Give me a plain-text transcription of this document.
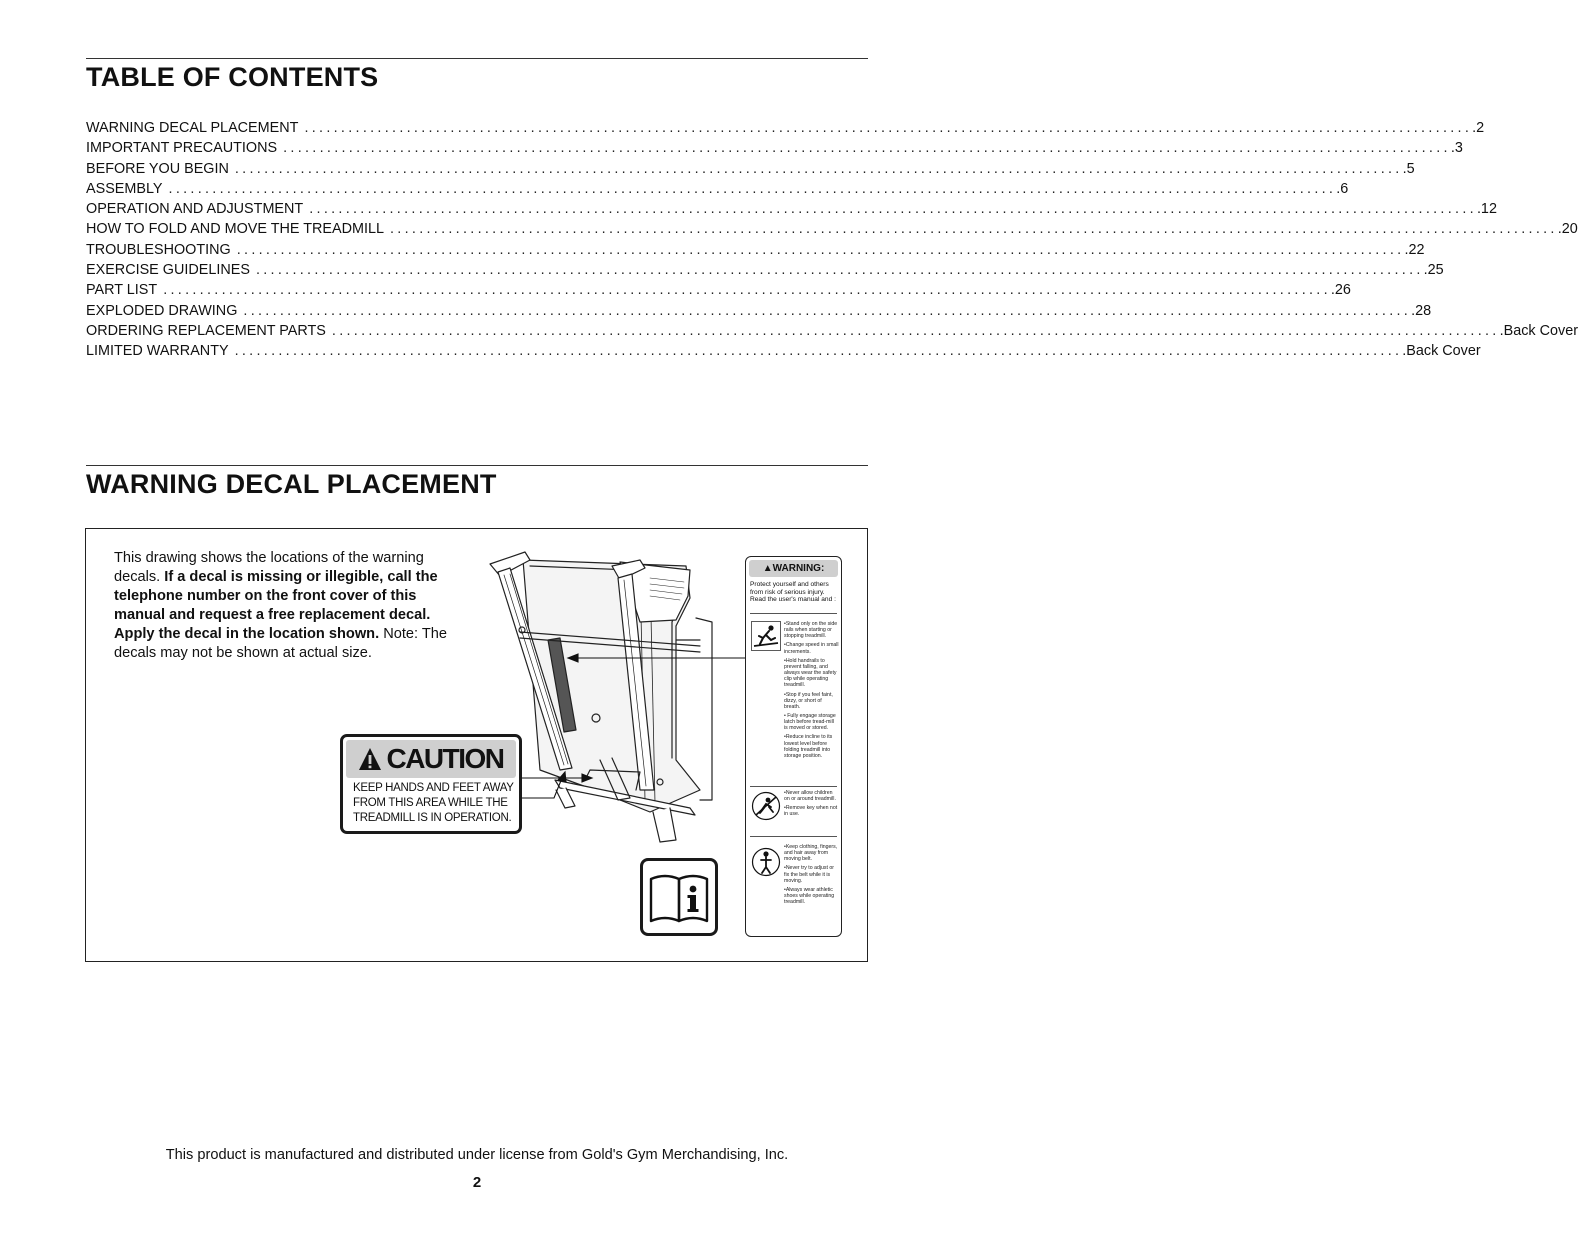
TABLE OF CONTENTS
WARNING DECAL PLACEMENT ................................................................................................................................................................ .2
IMPORTANT PRECAUTIONS ................................................................................................................................................................ .3
BEFORE YOU BEGIN ................................................................................................................................................................ .5
ASSEMBLY ................................................................................................................................................................ .6
OPERATION AND ADJUSTMENT ................................................................................................................................................................ .12
HOW TO FOLD AND MOVE THE TREADMILL ................................................................................................................................................................ .20
TROUBLESHOOTING ................................................................................................................................................................ .22
EXERCISE GUIDELINES ................................................................................................................................................................ .25
PART LIST ................................................................................................................................................................ .26
EXPLODED DRAWING ................................................................................................................................................................ .28
ORDERING REPLACEMENT PARTS ................................................................................................................................................................ .Back Cover
LIMITED WARRANTY ................................................................................................................................................................ .Back Cover
WARNING DECAL PLACEMENT
This drawing shows the locations of the warning decals. If a decal is missing or illegible, call the telephone number on the front cover of this manual and request a free replacement decal. Apply the decal in the location shown. Note: The decals may not be shown at actual size.
CAUTION
KEEP HANDS AND FEET AWAY FROM THIS AREA WHILE THE TREADMILL IS IN OPERATION.
▲WARNING:
Protect yourself and others from risk of serious injury. Read the user's manual and :
•Stand only on the side rails when starting or stopping treadmill.
•Change speed in small increments.
•Hold handrails to prevent falling, and always wear the safety clip while operating treadmill.
•Stop if you feel faint, dizzy, or short of breath.
• Fully engage storage latch before tread-mill is moved or stored.
•Reduce incline to its lowest level before folding treadmill into storage position.
•Never allow children on or around treadmill.
•Remove key when not in use.
•Keep clothing, fingers, and hair away from moving belt.
•Never try to adjust or fix the belt while it is moving.
•Always wear athletic shoes while operating treadmill.
This product is manufactured and distributed under license from Gold's Gym Merchandising, Inc.
2
